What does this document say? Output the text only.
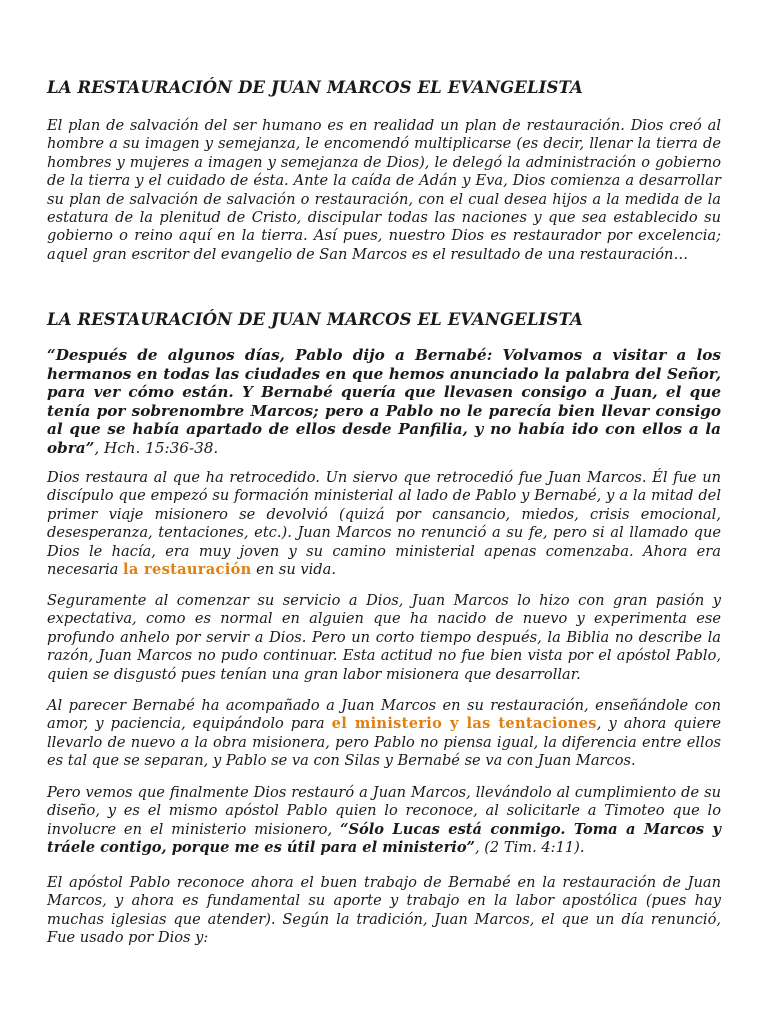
LA RESTAURACIÓN DE JUAN MARCOS EL EVANGELISTA

El plan de salvación del ser humano es en realidad un plan de restauración. Dios creó al hombre a su imagen y semejanza, le encomendó multiplicarse (es decir, llenar la tierra de hombres y mujeres a imagen y semejanza de Dios), le delegó la administración o gobierno de la tierra y el cuidado de ésta. Ante la caída de Adán y Eva, Dios comienza a desarrollar su plan de salvación de salvación o restauración, con el cual desea hijos a la medida de la estatura de la plenitud de Cristo, discipular todas las naciones y que sea establecido su gobierno o reino aquí en la tierra. Así pues, nuestro Dios es restaurador por excelencia; aquel gran escritor del evangelio de San Marcos es el resultado de una restauración…

LA RESTAURACIÓN DE JUAN MARCOS EL EVANGELISTA

“Después de algunos días, Pablo dijo a Bernabé: Volvamos a visitar a los hermanos en todas las ciudades en que hemos anunciado la palabra del Señor, para ver cómo están. Y Bernabé quería que llevasen consigo a Juan, el que tenía por sobrenombre Marcos; pero a Pablo no le parecía bien llevar consigo al que se había apartado de ellos desde Panfilia, y no había ido con ellos a la obra”, Hch. 15:36-38.

Dios restaura al que ha retrocedido. Un siervo que retrocedió fue Juan Marcos. Él fue un discípulo que empezó su formación ministerial al lado de Pablo y Bernabé, y a la mitad del primer viaje misionero se devolvió (quizá por cansancio, miedos, crisis emocional, desesperanza, tentaciones, etc.). Juan Marcos no renunció a su fe, pero si al llamado que Dios le hacía, era muy joven y su camino ministerial apenas comenzaba. Ahora era necesaria la restauración en su vida.

Seguramente al comenzar su servicio a Dios, Juan Marcos lo hizo con gran pasión y expectativa, como es normal en alguien que ha nacido de nuevo y experimenta ese profundo anhelo por servir a Dios. Pero un corto tiempo después, la Biblia no describe la razón, Juan Marcos no pudo continuar. Esta actitud no fue bien vista por el apóstol Pablo, quien se disgustó pues tenían una gran labor misionera que desarrollar.

Al parecer Bernabé ha acompañado a Juan Marcos en su restauración, enseñándole con amor, y paciencia, equipándolo para el ministerio y las tentaciones, y ahora quiere llevarlo de nuevo a la obra misionera, pero Pablo no piensa igual, la diferencia entre ellos es tal que se separan, y Pablo se va con Silas y Bernabé se va con Juan Marcos.

Pero vemos que finalmente Dios restauró a Juan Marcos, llevándolo al cumplimiento de su diseño, y es el mismo apóstol Pablo quien lo reconoce, al solicitarle a Timoteo que lo involucre en el ministerio misionero, “Sólo Lucas está conmigo. Toma a Marcos y tráele contigo, porque me es útil para el ministerio”, (2 Tim. 4:11).

El apóstol Pablo reconoce ahora el buen trabajo de Bernabé en la restauración de Juan Marcos, y ahora es fundamental su aporte y trabajo en la labor apostólica (pues hay muchas iglesias que atender). Según la tradición, Juan Marcos, el que un día renunció, Fue usado por Dios y:
